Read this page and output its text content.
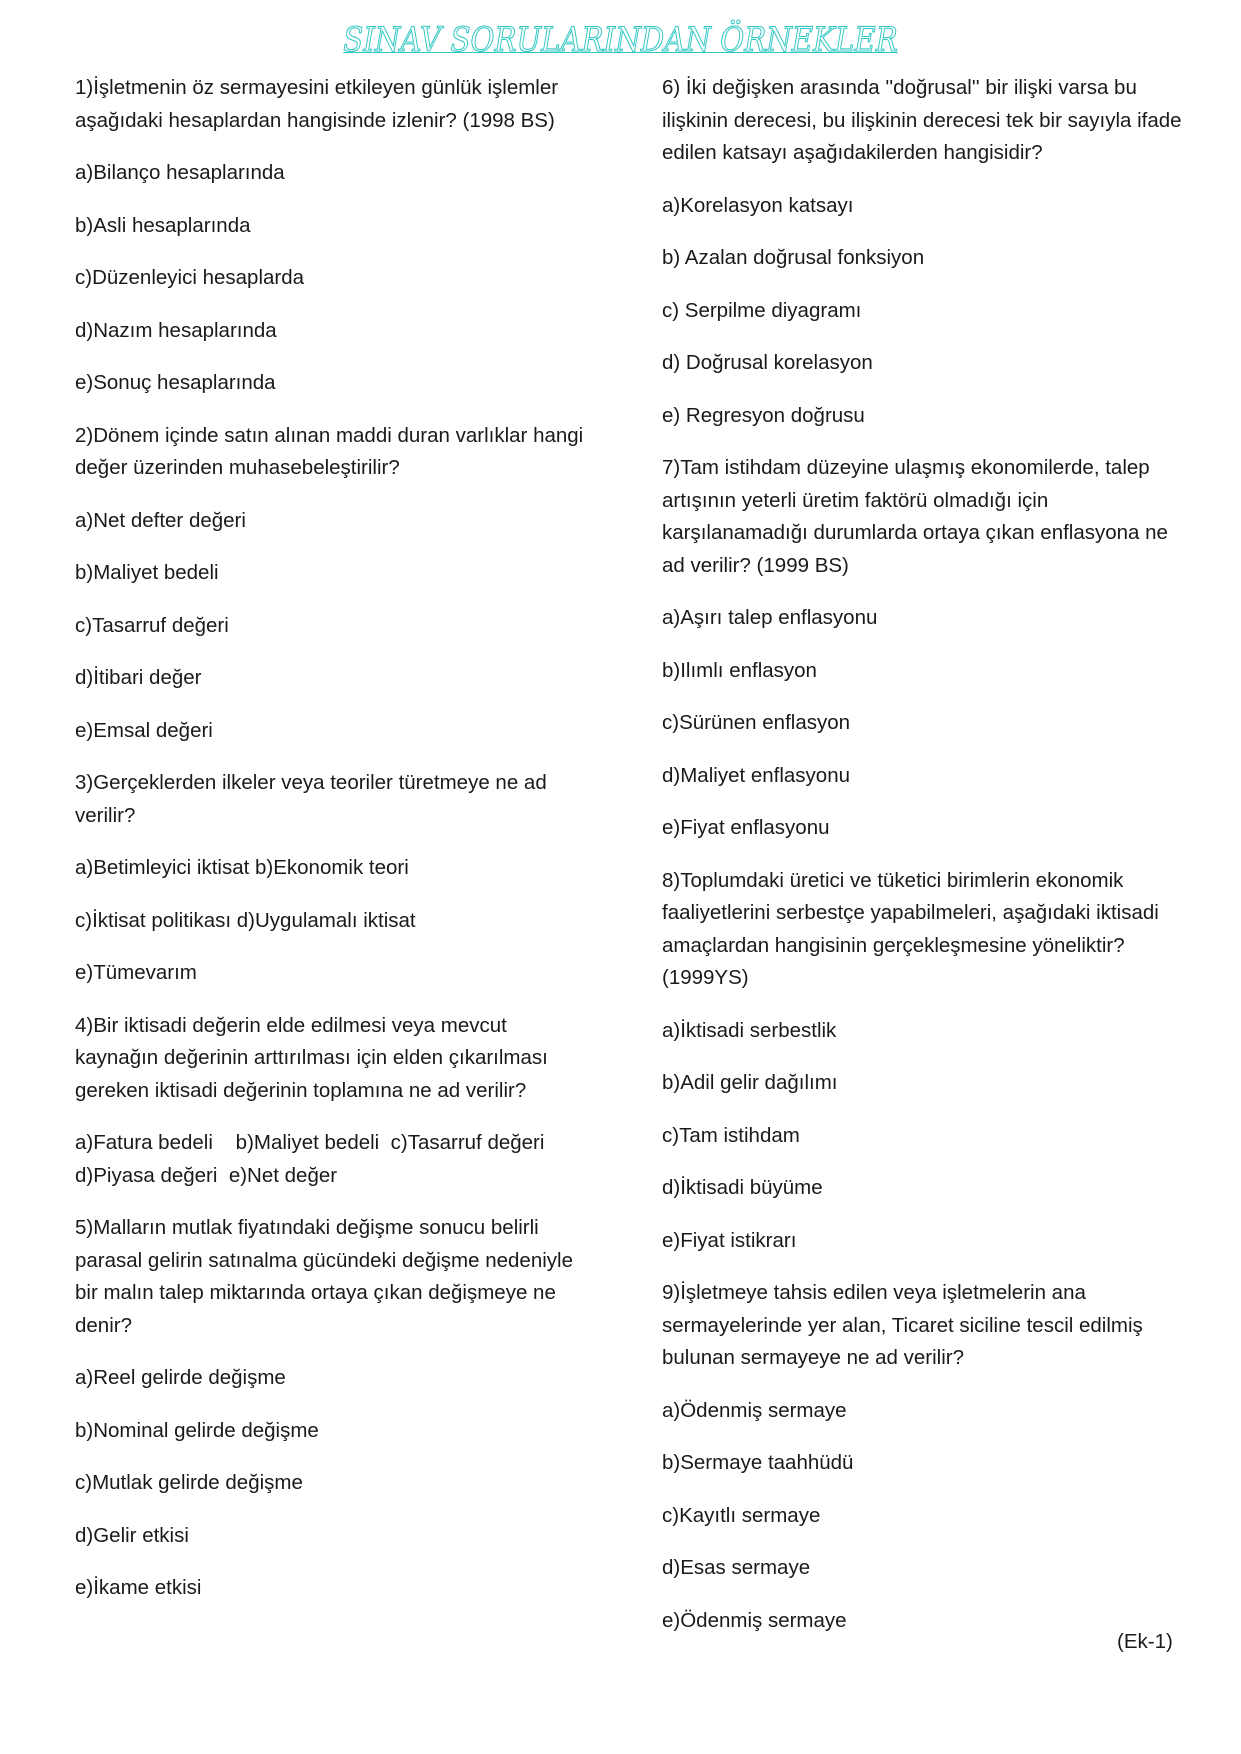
SINAV SORULARINDAN ÖRNEKLER
1)İşletmenin öz sermayesini etkileyen günlük işlemler aşağıdaki hesaplardan hangisinde izlenir? (1998 BS)
a)Bilanço hesaplarında
b)Asli hesaplarında
c)Düzenleyici hesaplarda
d)Nazım hesaplarında
e)Sonuç hesaplarında
2)Dönem içinde satın alınan maddi duran varlıklar hangi değer üzerinden muhasebeleştirilir?
a)Net defter değeri
b)Maliyet bedeli
c)Tasarruf değeri
d)İtibari değer
e)Emsal değeri
3)Gerçeklerden ilkeler veya teoriler türetmeye ne ad verilir?
a)Betimleyici iktisat b)Ekonomik teori
c)İktisat politikası d)Uygulamalı iktisat
e)Tümevarım
4)Bir iktisadi değerin elde edilmesi veya mevcut kaynağın değerinin arttırılması için elden çıkarılması gereken iktisadi değerinin toplamına ne ad verilir?
a)Fatura bedeli    b)Maliyet bedeli  c)Tasarruf değeri
d)Piyasa değeri  e)Net değer
5)Malların mutlak fiyatındaki değişme sonucu belirli parasal gelirin satınalma gücündeki değişme nedeniyle bir malın talep miktarında ortaya çıkan değişmeye ne denir?
a)Reel gelirde değişme
b)Nominal gelirde değişme
c)Mutlak gelirde değişme
d)Gelir etkisi
e)İkame etkisi
6) İki değişken arasında ''doğrusal'' bir ilişki varsa bu ilişkinin derecesi, bu ilişkinin derecesi tek bir sayıyla ifade edilen katsayı aşağıdakilerden hangisidir?
a)Korelasyon katsayı
b) Azalan doğrusal fonksiyon
c) Serpilme diyagramı
d) Doğrusal korelasyon
e) Regresyon doğrusu
7)Tam istihdam düzeyine ulaşmış ekonomilerde, talep artışının yeterli üretim faktörü olmadığı için karşılanamadığı durumlarda ortaya çıkan enflasyona ne ad verilir? (1999 BS)
a)Aşırı talep enflasyonu
b)Ilımlı enflasyon
c)Sürünen enflasyon
d)Maliyet enflasyonu
e)Fiyat enflasyonu
8)Toplumdaki üretici ve tüketici birimlerin ekonomik faaliyetlerini serbestçe yapabilmeleri, aşağıdaki iktisadi amaçlardan hangisinin gerçekleşmesine yöneliktir? (1999YS)
a)İktisadi serbestlik
b)Adil gelir dağılımı
c)Tam istihdam
d)İktisadi büyüme
e)Fiyat istikrarı
9)İşletmeye tahsis edilen veya işletmelerin ana sermayelerinde yer alan, Ticaret siciline tescil edilmiş bulunan sermayeye ne ad verilir?
a)Ödenmiş sermaye
b)Sermaye taahhüdü
c)Kayıtlı sermaye
d)Esas sermaye
e)Ödenmiş sermaye
(Ek-1)
